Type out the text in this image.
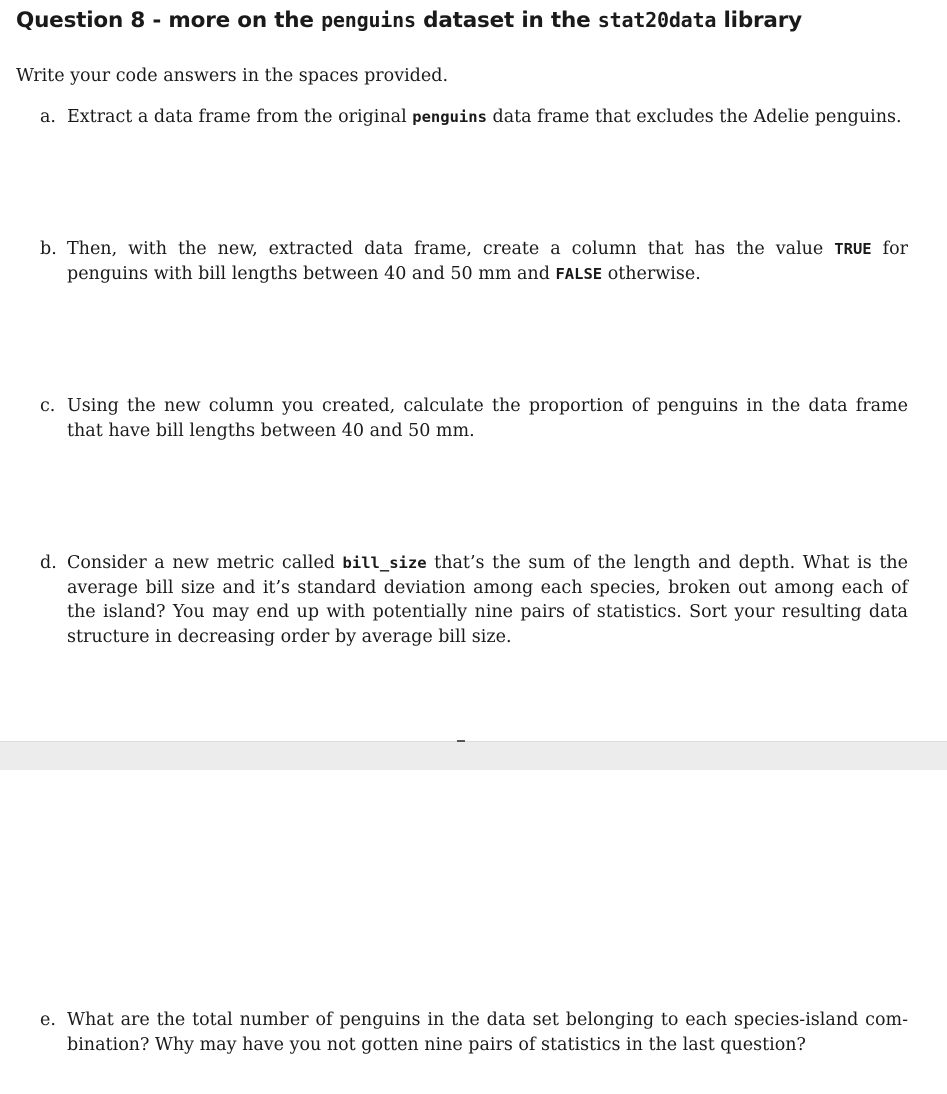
Question 8 - more on the penguins dataset in the stat20data library
Write your code answers in the spaces provided.
a. Extract a data frame from the original penguins data frame that excludes the Adelie penguins.
b. Then, with the new, extracted data frame, create a column that has the value TRUE for penguins with bill lengths between 40 and 50 mm and FALSE otherwise.
c. Using the new column you created, calculate the proportion of penguins in the data frame that have bill lengths between 40 and 50 mm.
d. Consider a new metric called bill_size that’s the sum of the length and depth. What is the average bill size and it’s standard deviation among each species, broken out among each of the island? You may end up with potentially nine pairs of statistics. Sort your resulting data structure in decreasing order by average bill size.
e. What are the total number of penguins in the data set belonging to each species-island com-bination? Why may have you not gotten nine pairs of statistics in the last question?
